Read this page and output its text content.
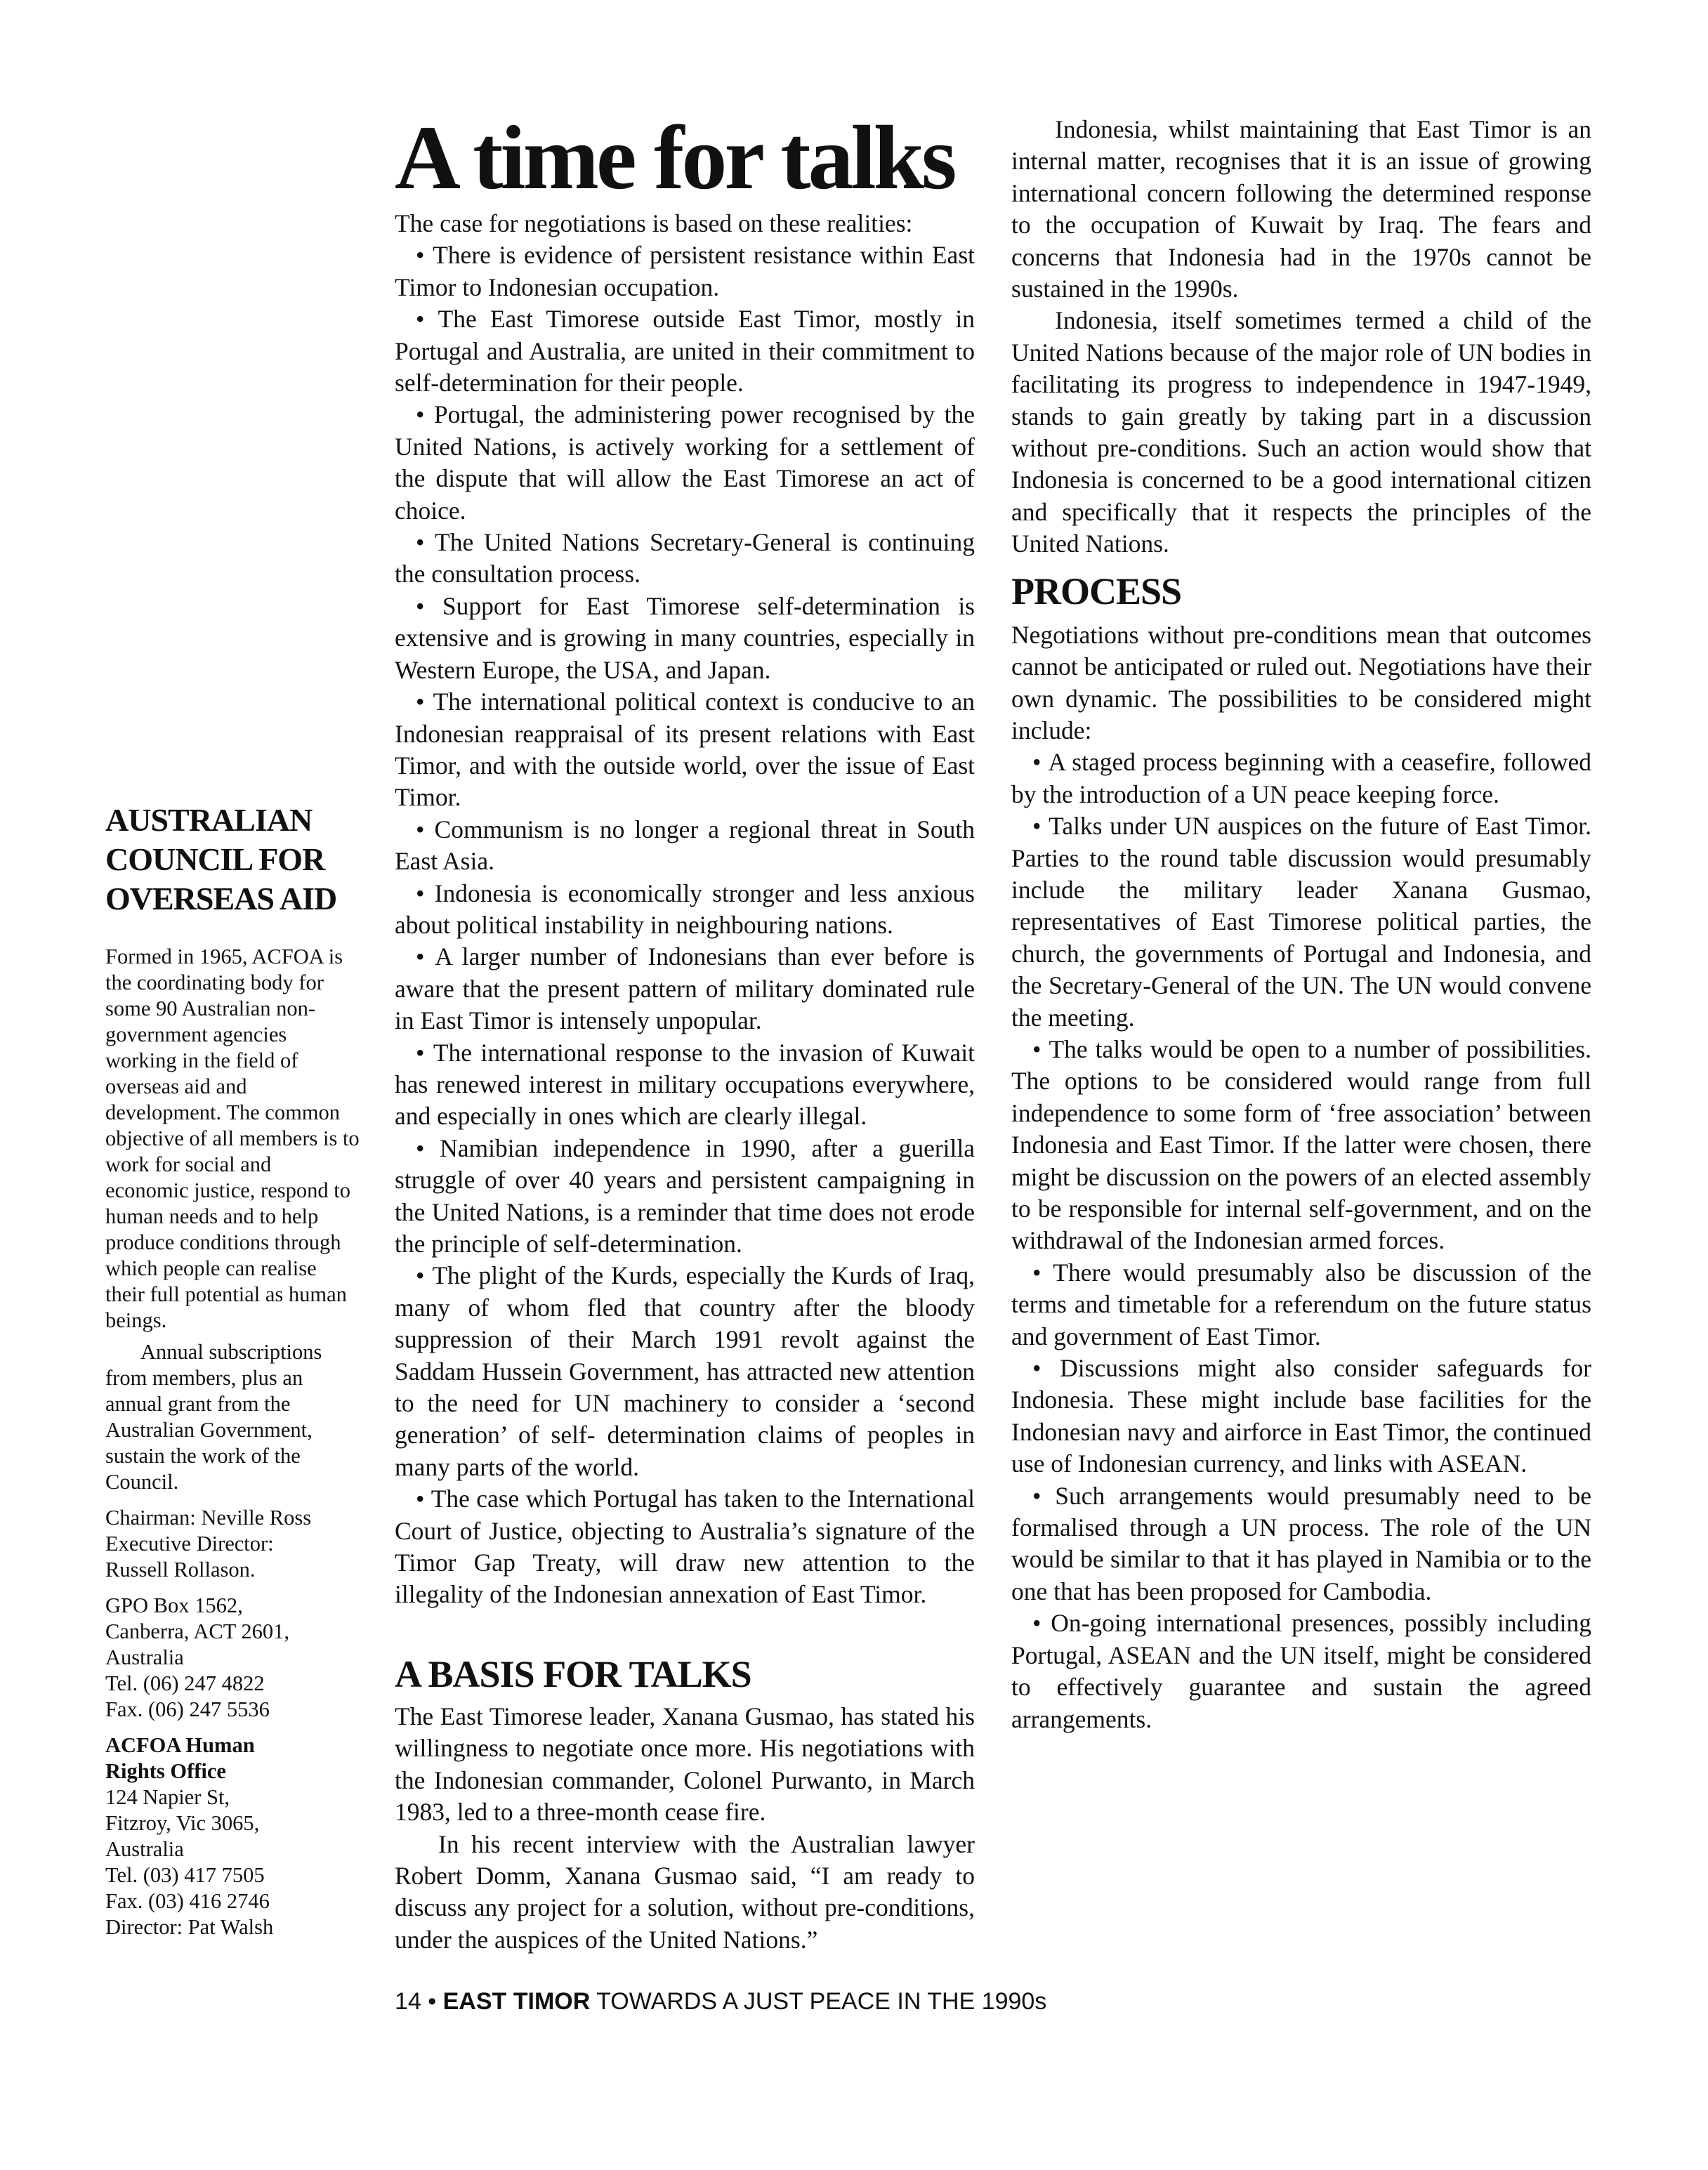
AUSTRALIAN
COUNCIL FOR
OVERSEAS AID

Formed in 1965, ACFOA is the coordinating body for some 90 Australian non-government agencies working in the field of overseas aid and development. The common objective of all members is to work for social and economic justice, respond to human needs and to help produce conditions through which people can realise their full potential as human beings.

Annual subscriptions from members, plus an annual grant from the Australian Government, sustain the work of the Council.

Chairman: Neville Ross
Executive Director:
Russell Rollason.
GPO Box 1562,
Canberra, ACT 2601,
Australia
Tel. (06) 247 4822
Fax. (06) 247 5536
ACFOA Human
Rights Office
124 Napier St,
Fitzroy, Vic 3065,
Australia
Tel. (03) 417 7505
Fax. (03) 416 2746
Director: Pat Walsh
A time for talks

The case for negotiations is based on these realities:

• There is evidence of persistent resistance within East Timor to Indonesian occupation.

• The East Timorese outside East Timor, mostly in Portugal and Australia, are united in their commitment to self-determination for their people.

• Portugal, the administering power recognised by the United Nations, is actively working for a settlement of the dispute that will allow the East Timorese an act of choice.

• The United Nations Secretary-General is continuing the consultation process.

• Support for East Timorese self-determination is extensive and is growing in many countries, especially in Western Europe, the USA, and Japan.

• The international political context is conducive to an Indonesian reappraisal of its present relations with East Timor, and with the outside world, over the issue of East Timor.

• Communism is no longer a regional threat in South East Asia.

• Indonesia is economically stronger and less anxious about political instability in neighbouring nations.

• A larger number of Indonesians than ever before is aware that the present pattern of military dominated rule in East Timor is intensely unpopular.

• The international response to the invasion of Kuwait has renewed interest in military occupations everywhere, and especially in ones which are clearly illegal.

• Namibian independence in 1990, after a guerilla struggle of over 40 years and persistent campaigning in the United Nations, is a reminder that time does not erode the principle of self-determination.

• The plight of the Kurds, especially the Kurds of Iraq, many of whom fled that country after the bloody suppression of their March 1991 revolt against the Saddam Hussein Government, has attracted new attention to the need for UN machinery to consider a ‘second generation’ of self- determination claims of peoples in many parts of the world.

• The case which Portugal has taken to the International Court of Justice, objecting to Australia’s signature of the Timor Gap Treaty, will draw new attention to the illegality of the Indonesian annexation of East Timor.

A BASIS FOR TALKS

The East Timorese leader, Xanana Gusmao, has stated his willingness to negotiate once more. His negotiations with the Indonesian commander, Colonel Purwanto, in March 1983, led to a three-month cease fire.

In his recent interview with the Australian lawyer Robert Domm, Xanana Gusmao said, “I am ready to discuss any project for a solution, without pre-conditions, under the auspices of the United Nations.”

Indonesia, whilst maintaining that East Timor is an internal matter, recognises that it is an issue of growing international concern following the determined response to the occupation of Kuwait by Iraq. The fears and concerns that Indonesia had in the 1970s cannot be sustained in the 1990s.

Indonesia, itself sometimes termed a child of the United Nations because of the major role of UN bodies in facilitating its progress to independence in 1947-1949, stands to gain greatly by taking part in a discussion without pre-conditions. Such an action would show that Indonesia is concerned to be a good international citizen and specifically that it respects the principles of the United Nations.

PROCESS

Negotiations without pre-conditions mean that outcomes cannot be anticipated or ruled out. Negotiations have their own dynamic. The possibilities to be considered might include:

• A staged process beginning with a ceasefire, followed by the introduction of a UN peace keeping force.

• Talks under UN auspices on the future of East Timor. Parties to the round table discussion would presumably include the military leader Xanana Gusmao, representatives of East Timorese political parties, the church, the governments of Portugal and Indonesia, and the Secretary-General of the UN. The UN would convene the meeting.

• The talks would be open to a number of possibilities. The options to be considered would range from full independence to some form of ‘free association’ between Indonesia and East Timor. If the latter were chosen, there might be discussion on the powers of an elected assembly to be responsible for internal self-government, and on the withdrawal of the Indonesian armed forces.

• There would presumably also be discussion of the terms and timetable for a referendum on the future status and government of East Timor.

• Discussions might also consider safeguards for Indonesia. These might include base facilities for the Indonesian navy and airforce in East Timor, the continued use of Indonesian currency, and links with ASEAN.

• Such arrangements would presumably need to be formalised through a UN process. The role of the UN would be similar to that it has played in Namibia or to the one that has been proposed for Cambodia.

• On-going international presences, possibly including Portugal, ASEAN and the UN itself, might be considered to effectively guarantee and sustain the agreed arrangements.

14 • EAST TIMOR TOWARDS A JUST PEACE IN THE 1990s
